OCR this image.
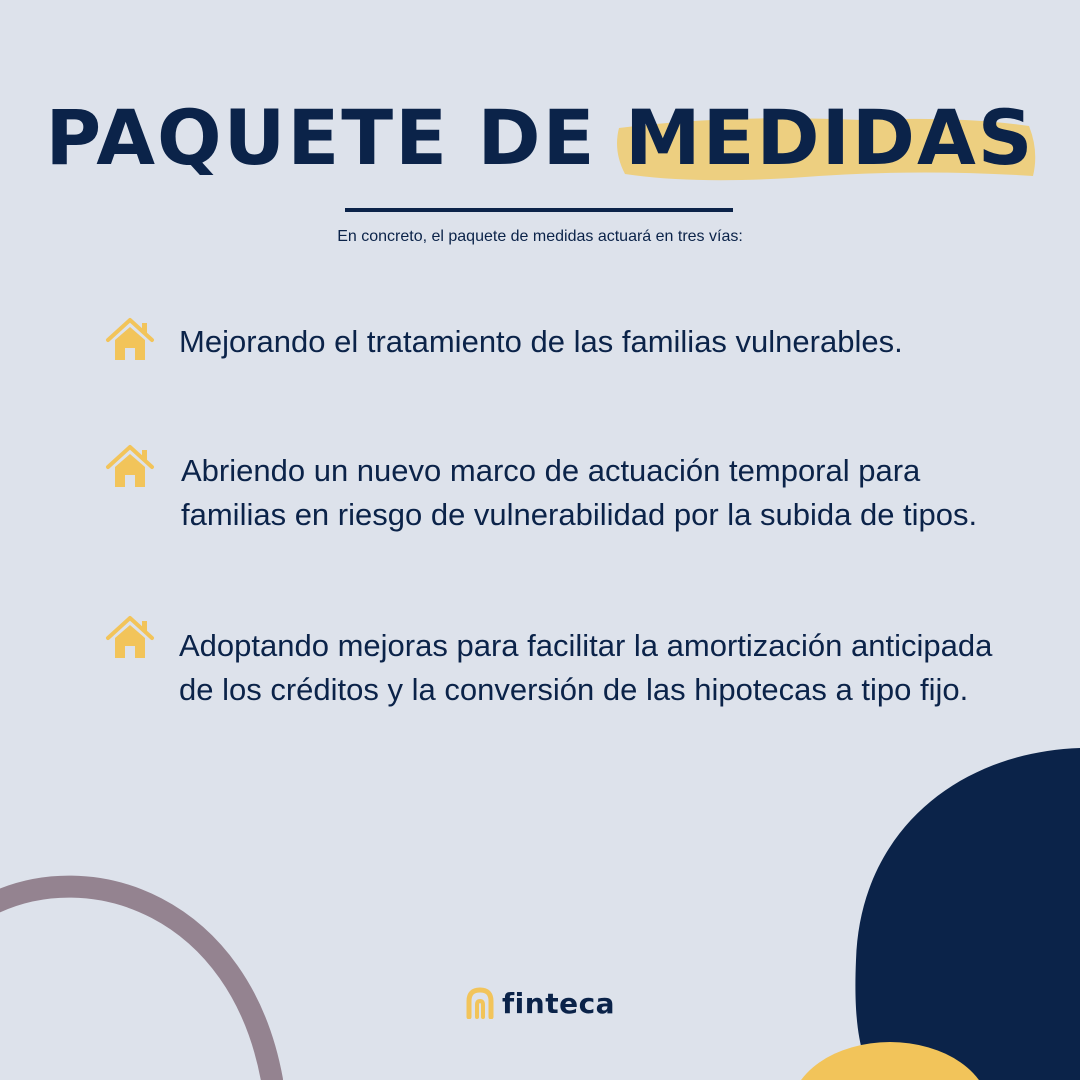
PAQUETE DE MEDIDAS
En concreto, el paquete de medidas actuará en tres vías:
Mejorando el tratamiento de las familias vulnerables.
Abriendo un nuevo marco de actuación temporal para familias en riesgo de vulnerabilidad por la subida de tipos.
Adoptando mejoras para facilitar la amortización anticipada de los créditos y la conversión de las hipotecas a tipo fijo.
finteca
